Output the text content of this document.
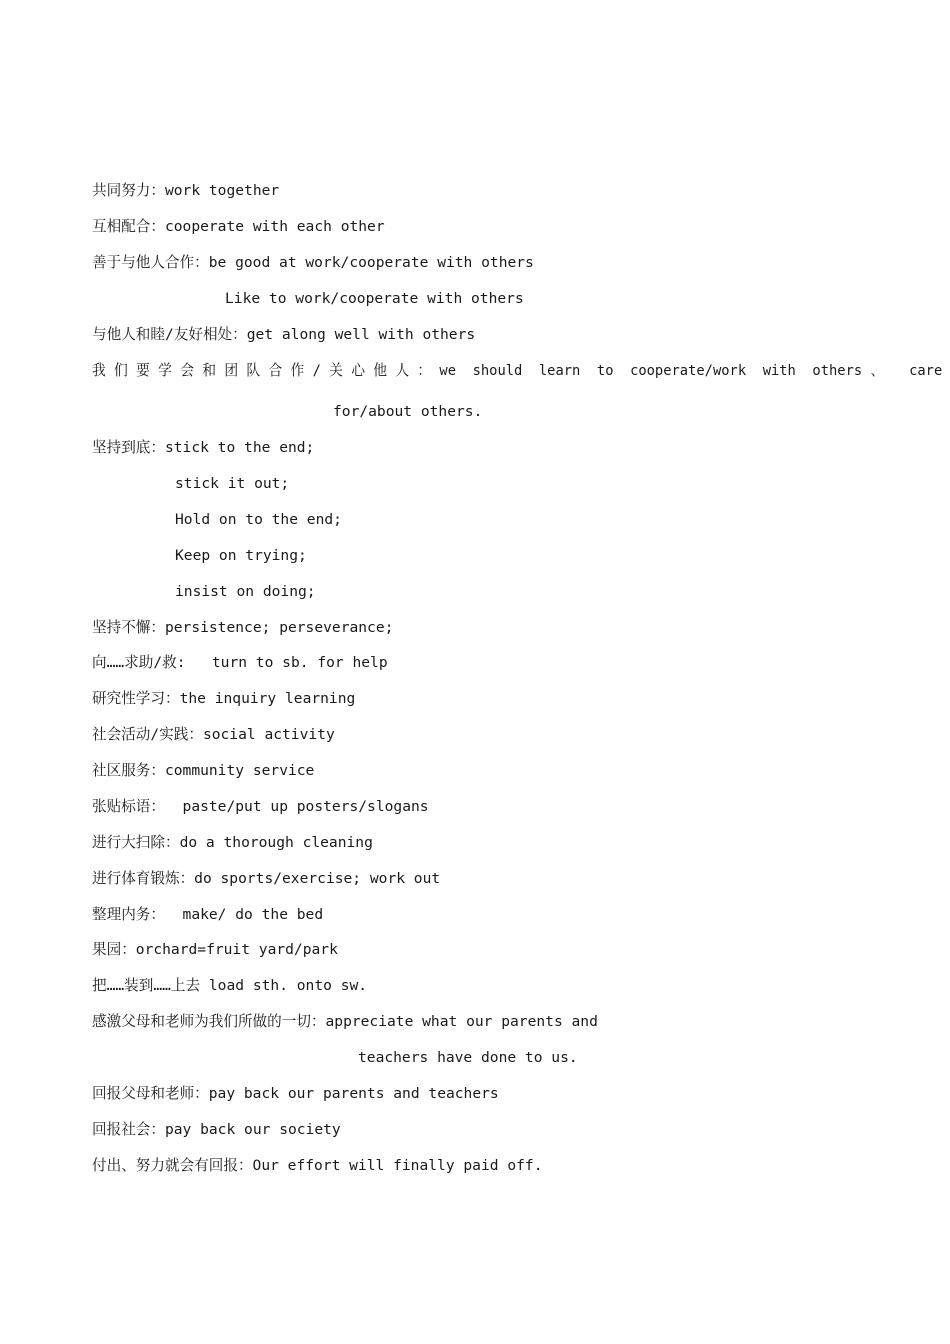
共同努力：work together
互相配合：cooperate with each other
善于与他人合作：be good at work/cooperate with others
Like to work/cooperate with others
与他人和睦/友好相处：get along well with others
我 们 要 学 会 和 团 队 合 作 / 关 心 他 人 ： we  should  learn  to  cooperate/work  with  others 、   care
for/about others.
坚持到底：stick to the end;
stick it out;
Hold on to the end;
Keep on trying;
insist on doing;
坚持不懈：persistence; perseverance;
向……求助/救:   turn to sb. for help
研究性学习：the inquiry learning
社会活动/实践：social activity
社区服务：community service
张贴标语：  paste/put up posters/slogans
进行大扫除：do a thorough cleaning
进行体育锻炼：do sports/exercise; work out
整理内务：  make/ do the bed
果园：orchard=fruit yard/park
把……装到……上去 load sth. onto sw.
感激父母和老师为我们所做的一切：appreciate what our parents and
teachers have done to us.
回报父母和老师：pay back our parents and teachers
回报社会：pay back our society
付出、努力就会有回报：Our effort will finally paid off.
